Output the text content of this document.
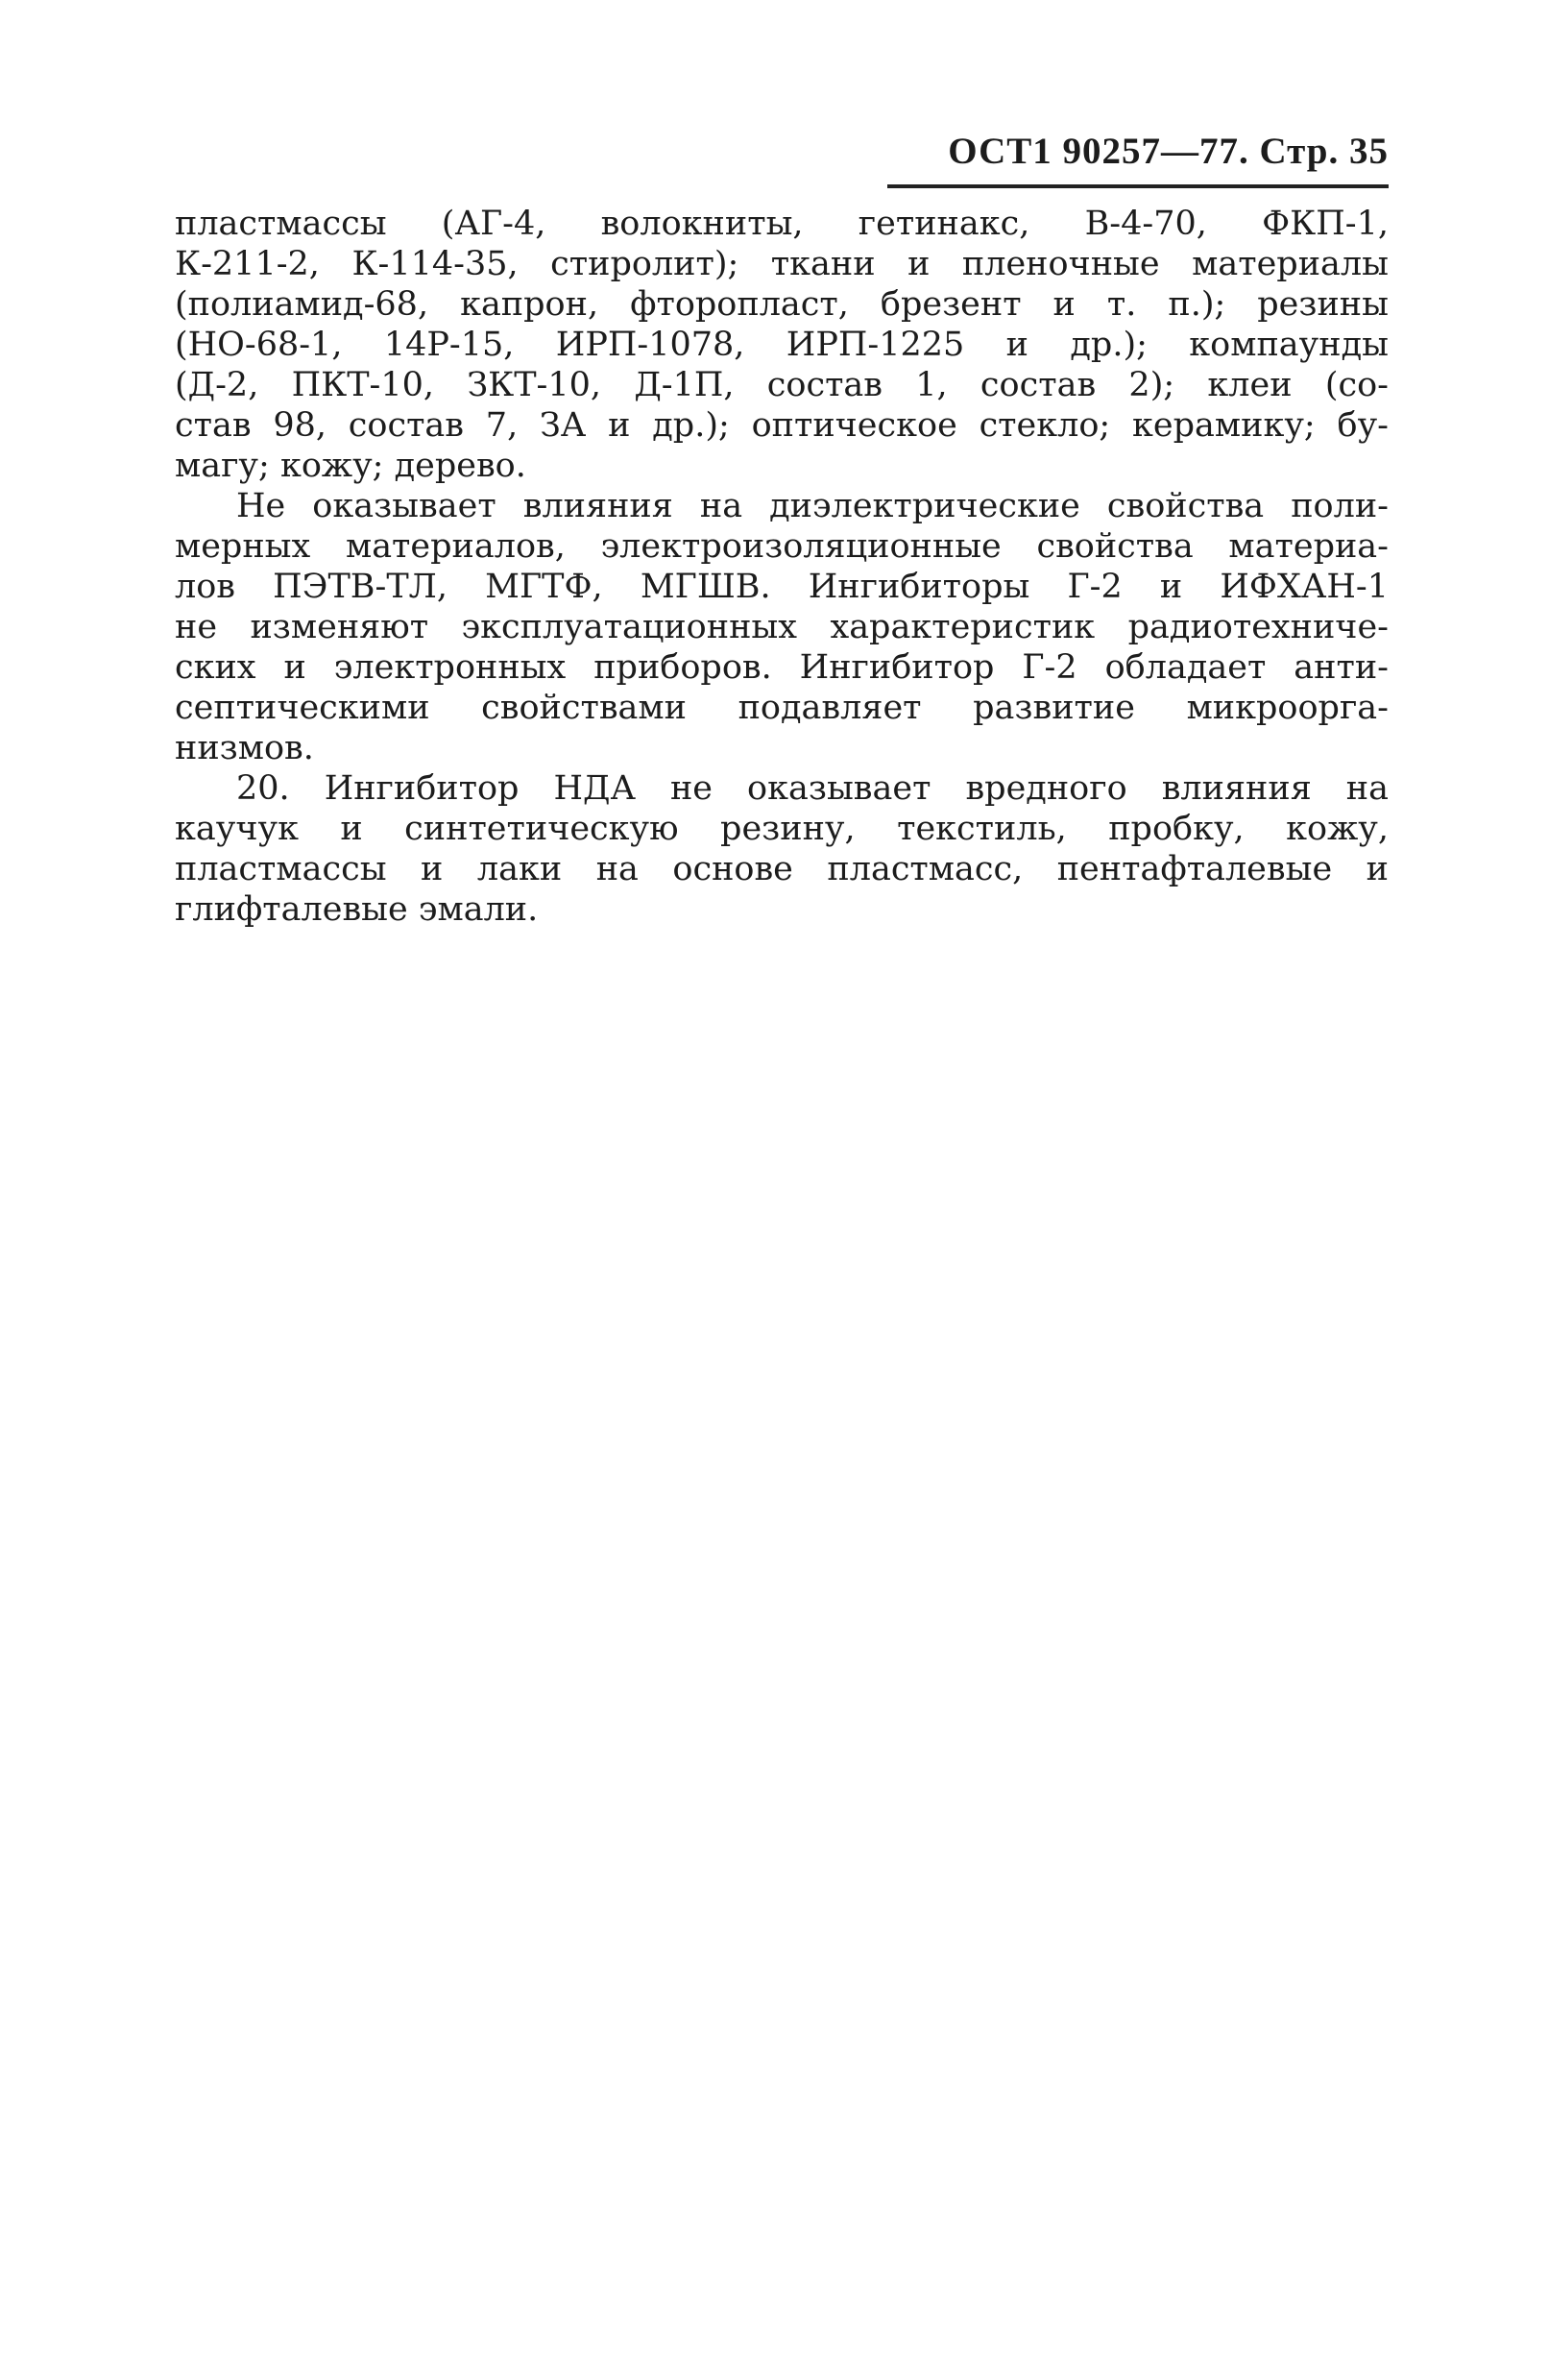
ОСТ1 90257—77. Стр. 35
пластмассы (АГ-4, волокниты, гетинакс, В-4-70, ФКП-1,
К-211-2, К-114-35, стиролит); ткани и пленочные материалы
(полиамид-68, капрон, фторопласт, брезент и т. п.); резины
(НО-68-1, 14Р-15, ИРП-1078, ИРП-1225 и др.); компаунды
(Д-2, ПКТ-10, ЗКТ-10, Д-1П, состав 1, состав 2); клеи (со-
став 98, состав 7, ЗА и др.); оптическое стекло; керамику; бу-
магу; кожу; дерево.
Не оказывает влияния на диэлектрические свойства поли-
мерных материалов, электроизоляционные свойства материа-
лов ПЭТВ-ТЛ, МГТФ, МГШВ. Ингибиторы Г-2 и ИФХАН-1
не изменяют эксплуатационных характеристик радиотехниче-
ских и электронных приборов. Ингибитор Г-2 обладает анти-
септическими свойствами подавляет развитие микрооргa-
низмов.
20. Ингибитор НДА не оказывает вредного влияния на
каучук и синтетическую резину, текстиль, пробку, кожу,
пластмассы и лаки на основе пластмасс, пентафталевые и
глифталевые эмали.
